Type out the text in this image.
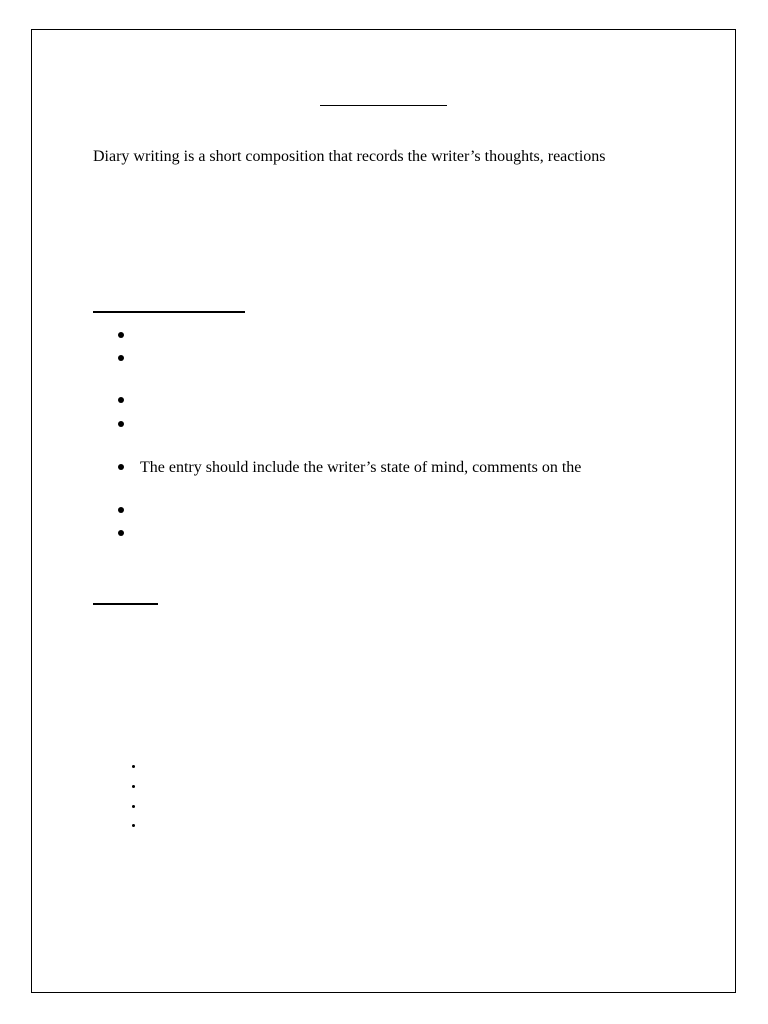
Diary writing is a short composition that records the writer’s thoughts, reactions
The entry should include the writer’s state of mind, comments on the
